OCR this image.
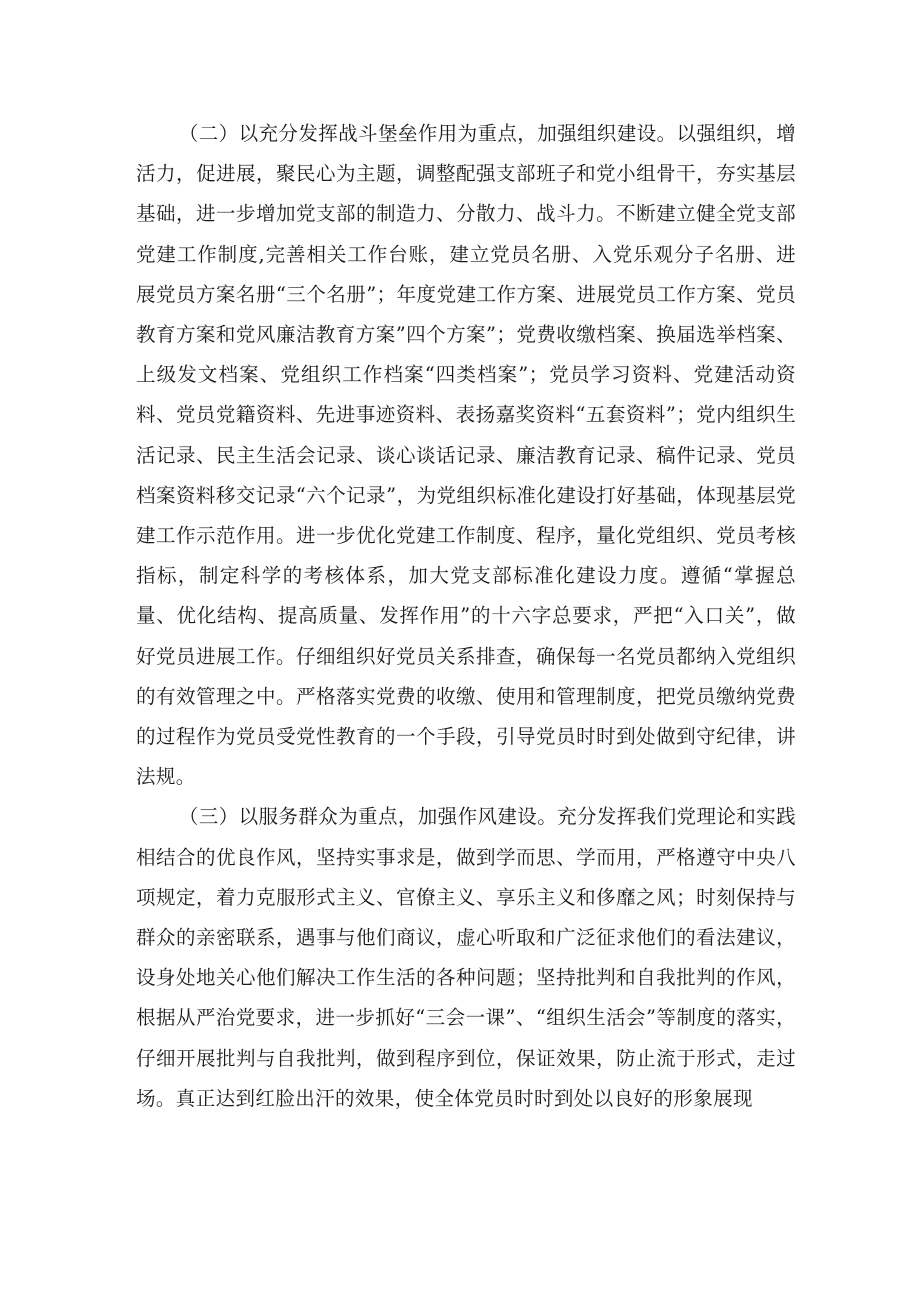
（二）以充分发挥战斗堡垒作用为重点，加强组织建设。以强组织，增活力，促进展，聚民心为主题，调整配强支部班子和党小组骨干，夯实基层基础，进一步增加党支部的制造力、分散力、战斗力。不断建立健全党支部党建工作制度,完善相关工作台账，建立党员名册、入党乐观分子名册、进展党员方案名册“三个名册”；年度党建工作方案、进展党员工作方案、党员教育方案和党风廉洁教育方案”四个方案”；党费收缴档案、换届选举档案、上级发文档案、党组织工作档案“四类档案”；党员学习资料、党建活动资料、党员党籍资料、先进事迹资料、表扬嘉奖资料“五套资料”；党内组织生活记录、民主生活会记录、谈心谈话记录、廉洁教育记录、稿件记录、党员档案资料移交记录“六个记录”，为党组织标准化建设打好基础，体现基层党建工作示范作用。进一步优化党建工作制度、程序，量化党组织、党员考核指标，制定科学的考核体系，加大党支部标准化建设力度。遵循“掌握总量、优化结构、提高质量、发挥作用”的十六字总要求，严把“入口关”，做好党员进展工作。仔细组织好党员关系排查，确保每一名党员都纳入党组织的有效管理之中。严格落实党费的收缴、使用和管理制度，把党员缴纳党费的过程作为党员受党性教育的一个手段，引导党员时时到处做到守纪律，讲法规。

（三）以服务群众为重点，加强作风建设。充分发挥我们党理论和实践相结合的优良作风，坚持实事求是，做到学而思、学而用，严格遵守中央八项规定，着力克服形式主义、官僚主义、享乐主义和侈靡之风；时刻保持与群众的亲密联系，遇事与他们商议，虚心听取和广泛征求他们的看法建议，设身处地关心他们解决工作生活的各种问题；坚持批判和自我批判的作风，根据从严治党要求，进一步抓好“三会一课”、“组织生活会”等制度的落实，仔细开展批判与自我批判，做到程序到位，保证效果，防止流于形式，走过场。真正达到红脸出汗的效果，使全体党员时时到处以良好的形象展现
